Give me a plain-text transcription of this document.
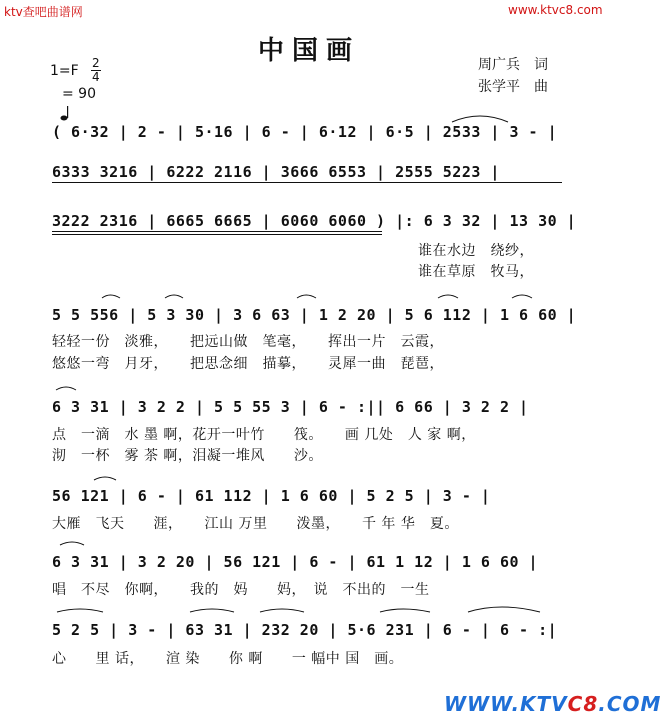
ktv查吧曲谱网	www.ktvc8.com
中国画
1=F 2
4

= 90
周广兵　词
张学平　曲
( 6·32 | 2 - | 5·16 | 6 - | 6·12 | 6·5 | 2533 | 3 - |
6333 3216 | 6222 2116 | 3666 6553 | 2555 5223 |
3222 2316 | 6665 6665 | 6060 6060 ) |: 6 3 32 | 13 30 |
谁在水边　绕纱，
谁在草原　牧马，
5 5 556 | 5 3 30 | 3 6 63 | 1 2 20 | 5 6 112 | 1 6 60 |
轻轻一份　淡雅，　　把远山做　笔毫，　　挥出一片　云霞，
悠悠一弯　月牙，　　把思念细　描摹，　　灵犀一曲　琵琶，
6 3 31 | 3 2 2 | 5 5 55 3 | 6 - :|| 6 66 | 3 2 2 |
点　一滴　水 墨 啊，花开一叶竹　　筏。　　画 几处　人 家 啊，
沏　一杯　雾 茶 啊，泪凝一堆风　　沙。
56 121 | 6 - | 61 112 | 1 6 60 | 5 2 5 | 3 - |
大雁　飞天　　涯，　　江山 万里　　泼墨，　　千 年 华　夏。
6 3 31 | 3 2 20 | 56 121 | 6 - | 61 1 12 | 1 6 60 |
唱　不尽　你啊，　　我的　妈　　妈，　说　不出的　一生
5 2 5 | 3 - | 63 31 | 232 20 | 5·6 231 | 6 - | 6 - :|
心　　里 话，　　渲 染　　你 啊　　一 幅中 国　画。
WWW.KTVC8.COM
